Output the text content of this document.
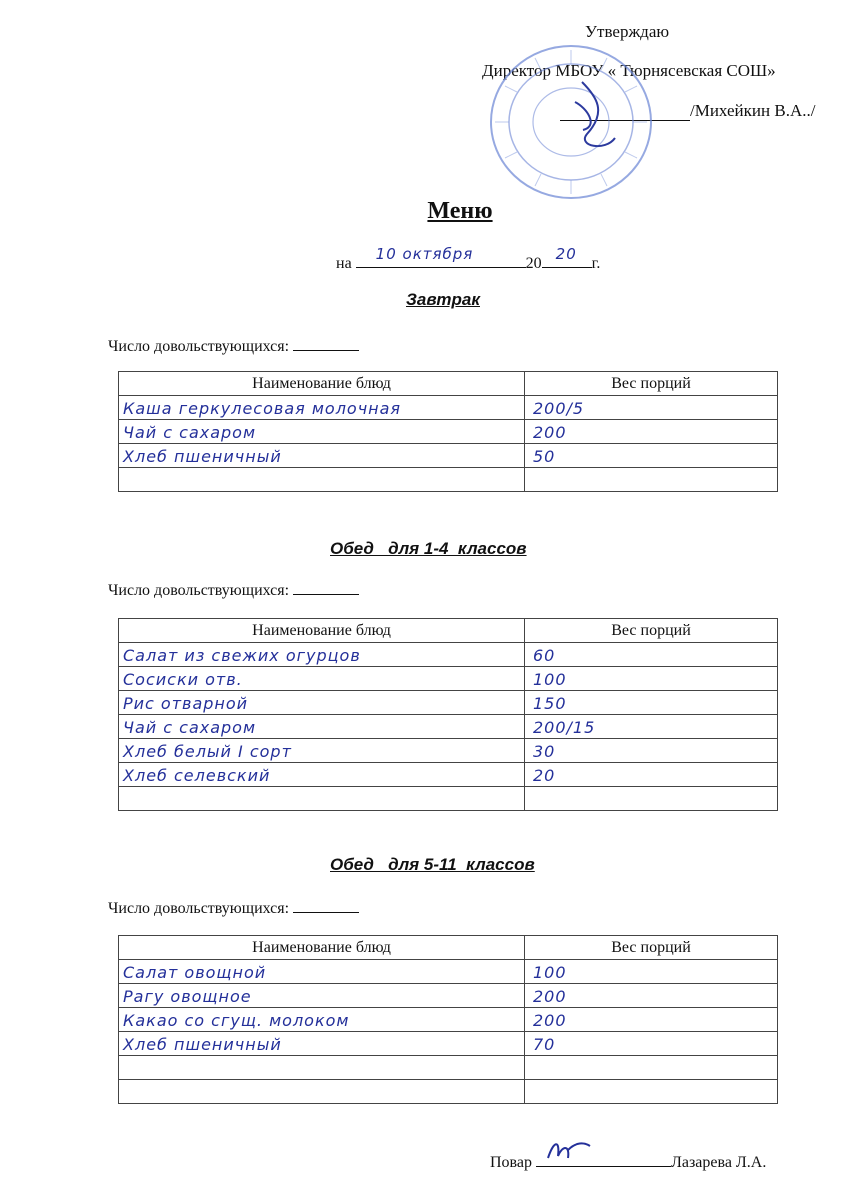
Утверждаю
Директор МБОУ « Тюрнясевская СОШ»
/Михейкин В.А../
Меню
на
10 октября
20
20
г.
Завтрак
Число довольствующихся:
Наименование блюд	Вес порций

Каша геркулесовая молочная	200/5

Чай с сахаром	200

Хлеб пшеничный	50

Обед   для 1-4  классов
Число довольствующихся:
Наименование блюд	Вес порций

Салат из свежих огурцов	60

Сосиски отв.	100

Рис отварной	150

Чай с сахаром	200/15

Хлеб белый I сорт	30

Хлеб селевский	20

Обед   для 5-11  классов
Число довольствующихся:
Наименование блюд	Вес порций

Салат овощной	100

Рагу овощное	200

Какао со сгущ. молоком	200

Хлеб пшеничный	70

Повар	Лазарева Л.А.
